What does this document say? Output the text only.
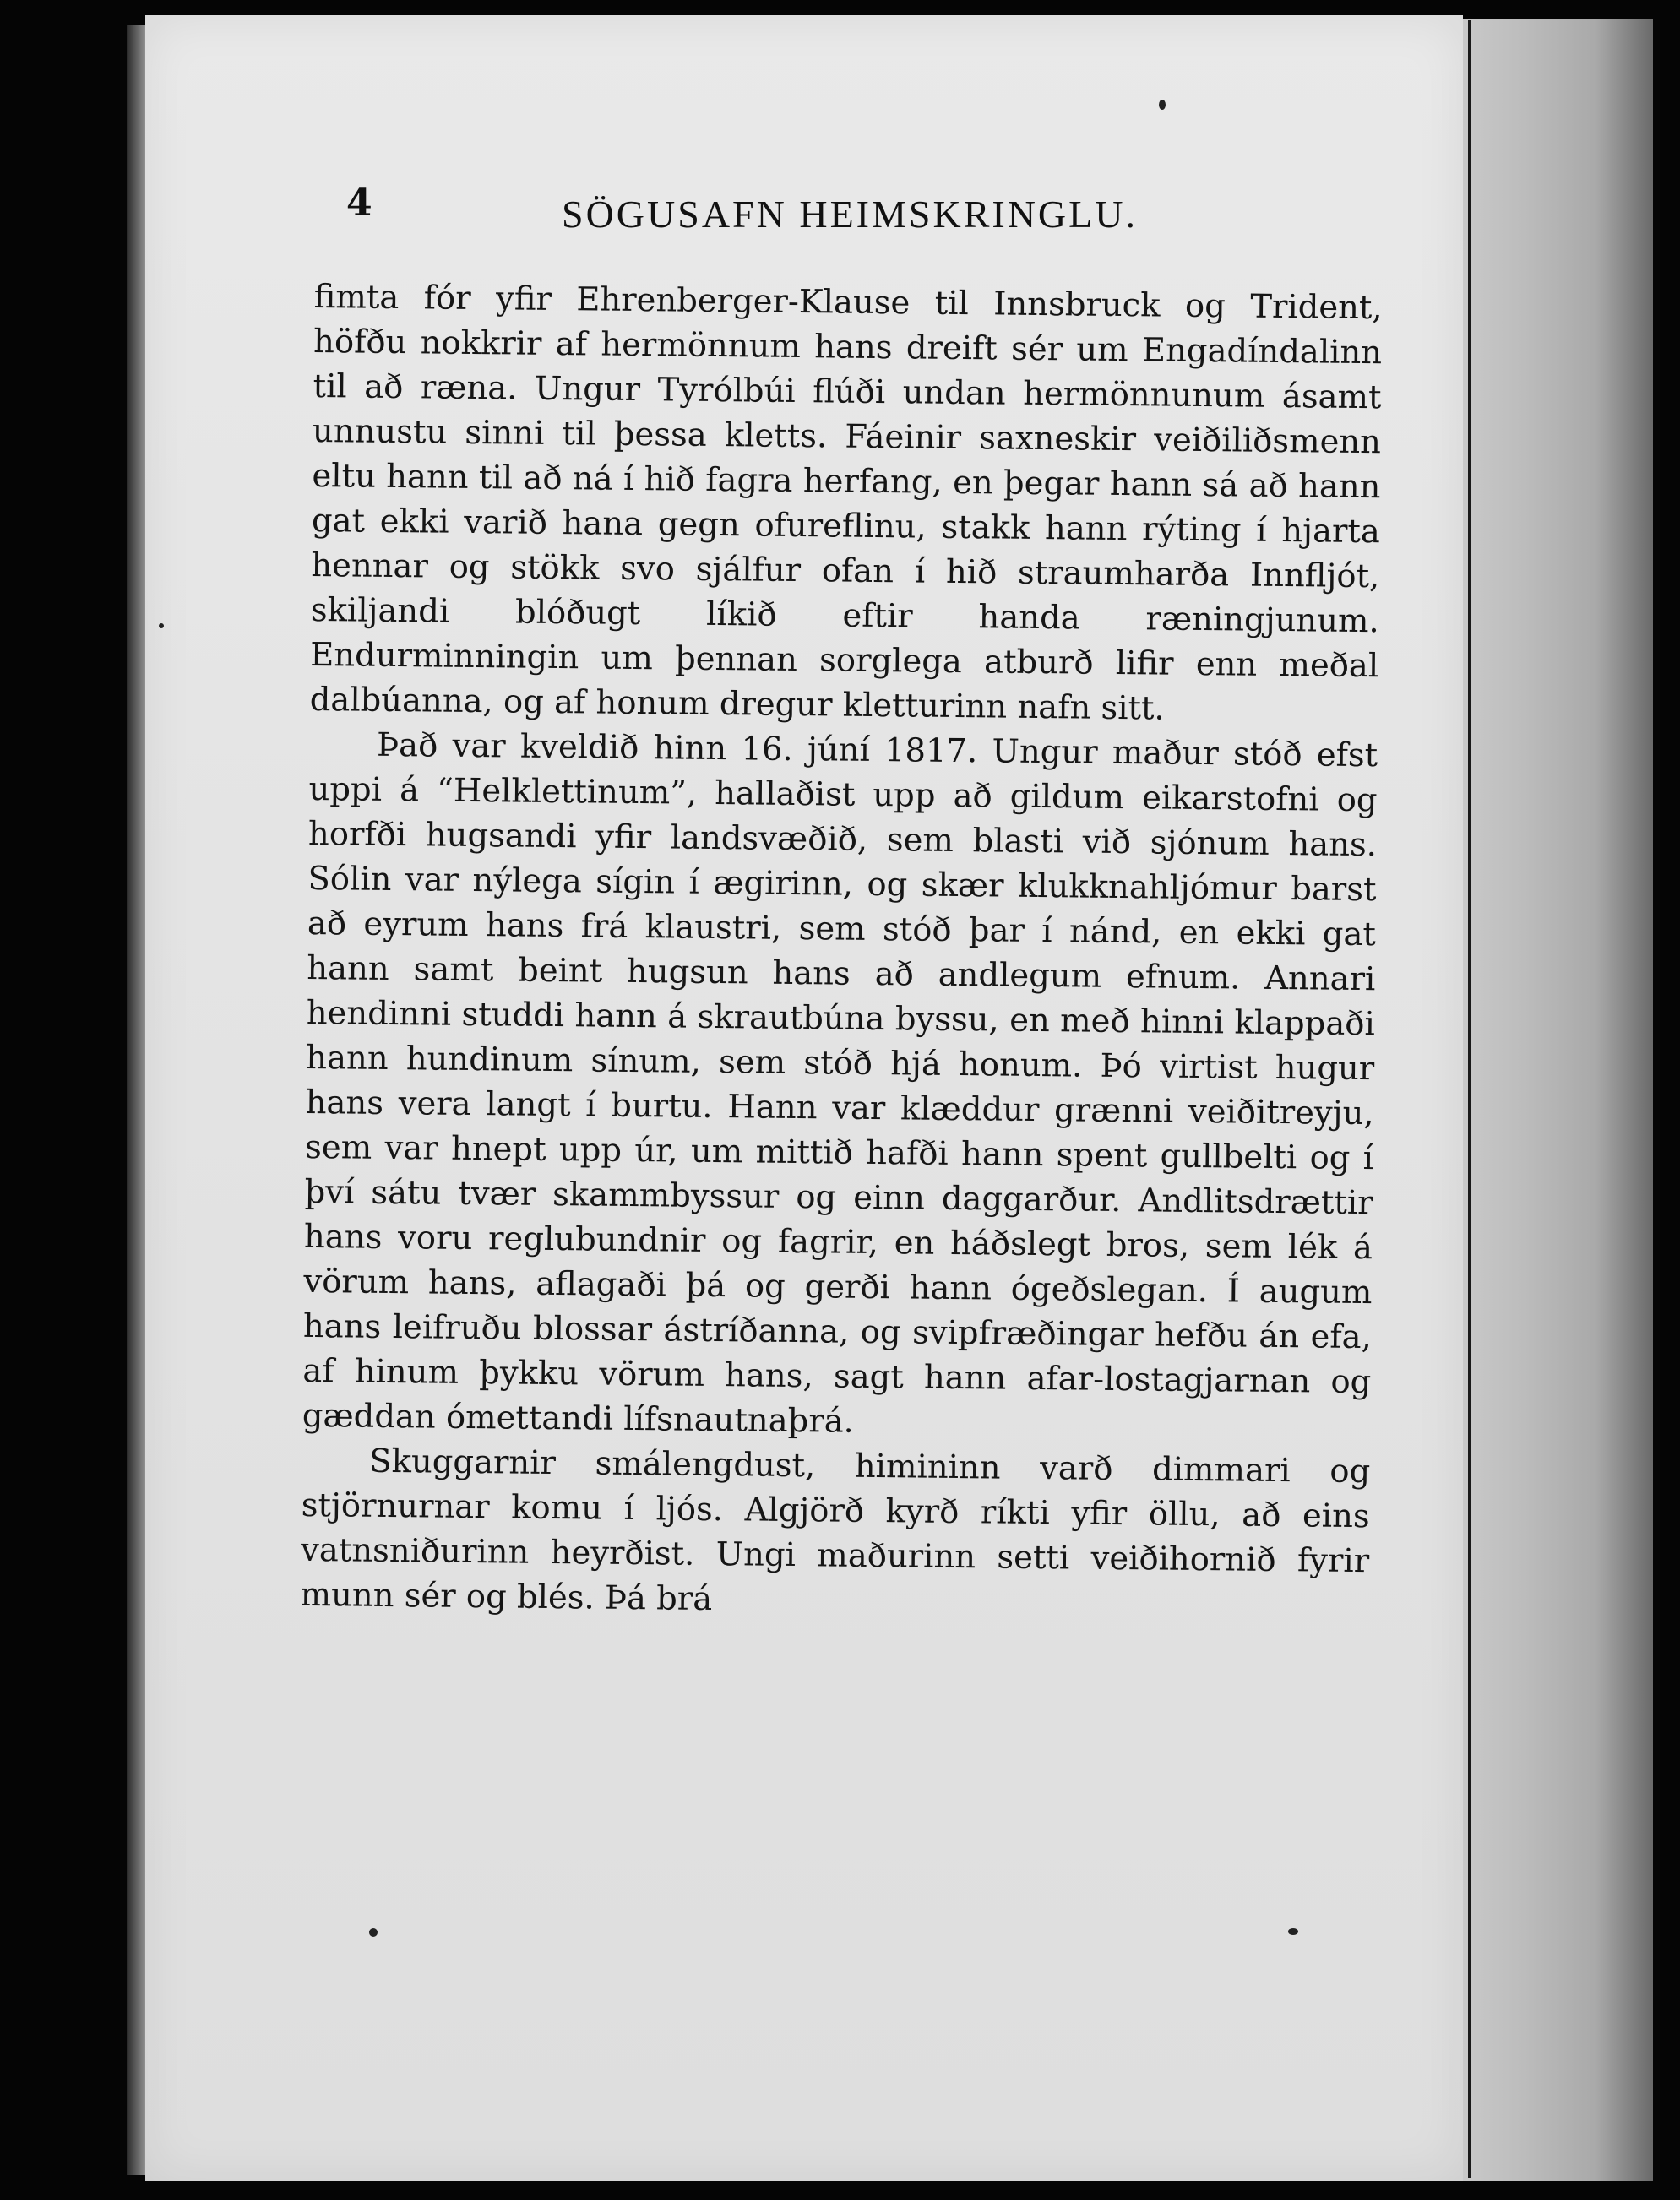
4	SÖGUSAFN HEIMSKRINGLU.

fimta fór yfir Ehrenberger-Klause til Innsbruck og Trident, höfðu nokkrir af hermönnum hans dreift sér um Engadíndalinn til að ræna. Ungur Tyrólbúi flúði undan hermönnunum ásamt unnustu sinni til þessa kletts. Fáeinir saxneskir veiðiliðsmenn eltu hann til að ná í hið fagra herfang, en þegar hann sá að hann gat ekki varið hana gegn ofureflinu, stakk hann rýting í hjarta hennar og stökk svo sjálfur ofan í hið straumharða Innfljót, skiljandi blóðugt líkið eftir handa ræningjunum. Endurminningin um þennan sorglega atburð lifir enn meðal dalbúanna, og af honum dregur kletturinn nafn sitt.

Það var kveldið hinn 16. júní 1817. Ungur maður stóð efst uppi á “Helklettinum”, hallaðist upp að gildum eikarstofni og horfði hugsandi yfir landsvæðið, sem blasti við sjónum hans. Sólin var nýlega sígin í ægirinn, og skær klukknahljómur barst að eyrum hans frá klaustri, sem stóð þar í nánd, en ekki gat hann samt beint hugsun hans að andlegum efnum. Annari hendinni studdi hann á skrautbúna byssu, en með hinni klappaði hann hundinum sínum, sem stóð hjá honum. Þó virtist hugur hans vera langt í burtu. Hann var klæddur grænni veiðitreyju, sem var hnept upp úr, um mittið hafði hann spent gullbelti og í því sátu tvær skammbyssur og einn daggarður. Andlitsdrættir hans voru reglubundnir og fagrir, en háðslegt bros, sem lék á vörum hans, aflagaði þá og gerði hann ógeðslegan. Í augum hans leifruðu blossar ástríðanna, og svipfræðingar hefðu án efa, af hinum þykku vörum hans, sagt hann afar-lostagjarnan og gæddan ómettandi lífsnautnaþrá.

Skuggarnir smálengdust, himininn varð dimmari og stjörnurnar komu í ljós. Algjörð kyrð ríkti yfir öllu, að eins vatnsniðurinn heyrðist. Ungi maðurinn setti veiðihornið fyrir munn sér og blés. Þá brá
